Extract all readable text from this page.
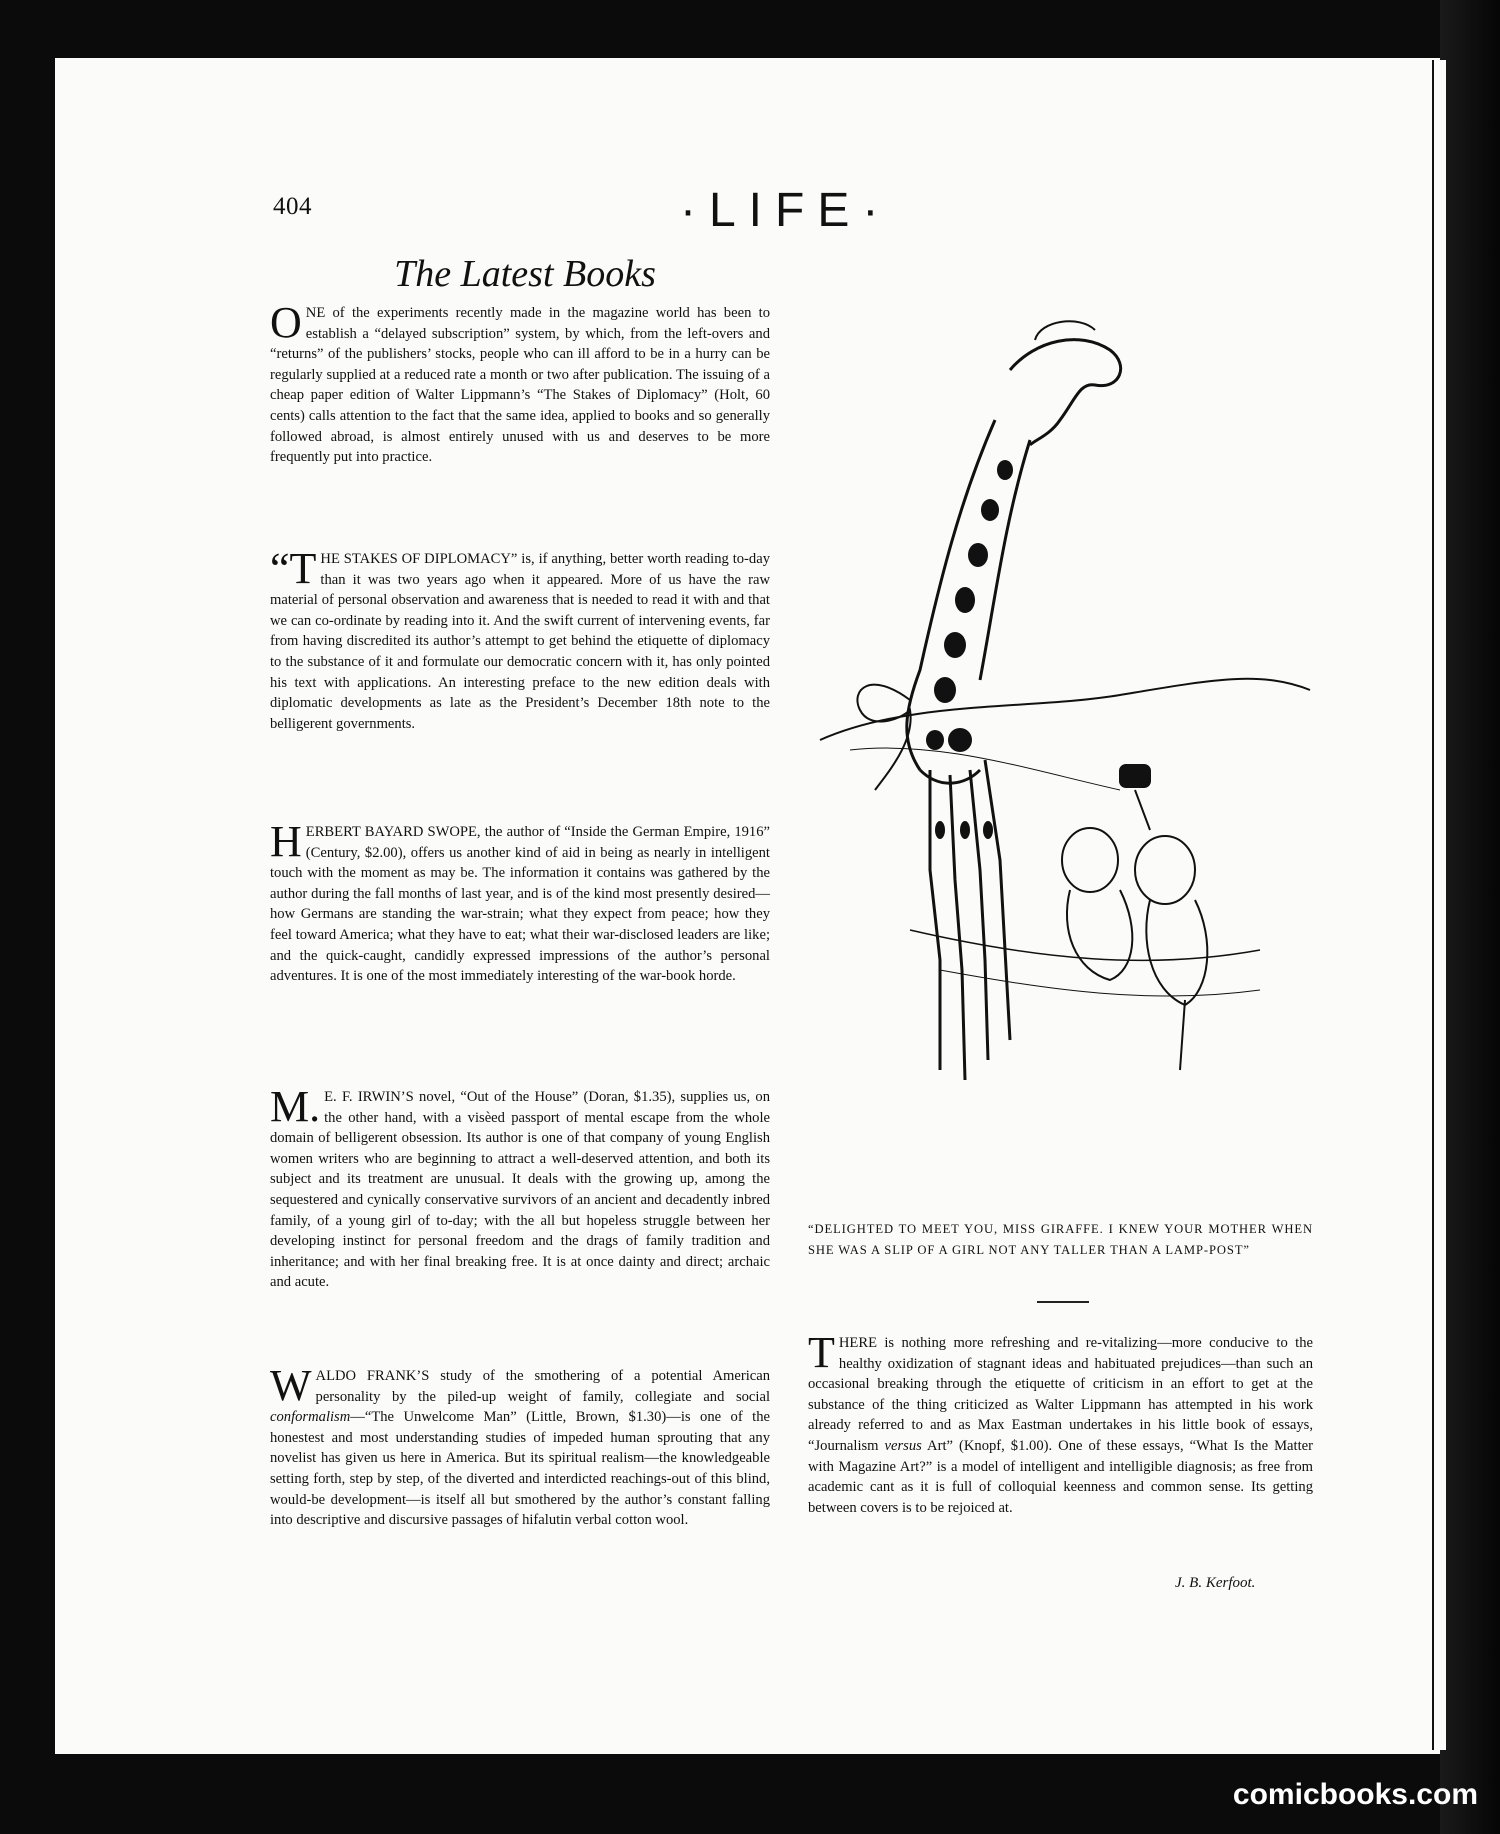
404	·LIFE·
The Latest Books

ONE of the experiments recently made in the magazine world has been to establish a “delayed subscription” system, by which, from the left-overs and “returns” of the publishers’ stocks, people who can ill afford to be in a hurry can be regularly supplied at a reduced rate a month or two after publication. The issuing of a cheap paper edition of Walter Lippmann’s “The Stakes of Diplomacy” (Holt, 60 cents) calls attention to the fact that the same idea, applied to books and so generally followed abroad, is almost entirely unused with us and deserves to be more frequently put into practice.

“THE STAKES OF DIPLOMACY” is, if anything, better worth reading to-day than it was two years ago when it appeared. More of us have the raw material of personal observation and awareness that is needed to read it with and that we can co-ordinate by reading into it. And the swift current of intervening events, far from having discredited its author’s attempt to get behind the etiquette of diplomacy to the substance of it and formulate our democratic concern with it, has only pointed his text with applications. An interesting preface to the new edition deals with diplomatic developments as late as the President’s December 18th note to the belligerent governments.

HERBERT BAYARD SWOPE, the author of “Inside the German Empire, 1916” (Century, $2.00), offers us another kind of aid in being as nearly in intelligent touch with the moment as may be. The information it contains was gathered by the author during the fall months of last year, and is of the kind most presently desired—how Germans are standing the war-strain; what they expect from peace; how they feel toward America; what they have to eat; what their war-disclosed leaders are like; and the quick-caught, candidly expressed impressions of the author’s personal adventures. It is one of the most immediately interesting of the war-book horde.

M. E. F. IRWIN’S novel, “Out of the House” (Doran, $1.35), supplies us, on the other hand, with a visèed passport of mental escape from the whole domain of belligerent obsession. Its author is one of that company of young English women writers who are beginning to attract a well-deserved attention, and both its subject and its treatment are unusual. It deals with the growing up, among the sequestered and cynically conservative survivors of an ancient and decadently inbred family, of a young girl of to-day; with the all but hopeless struggle between her developing instinct for personal freedom and the drags of family tradition and inheritance; and with her final breaking free. It is at once dainty and direct; archaic and acute.

WALDO FRANK’S study of the smothering of a potential American personality by the piled-up weight of family, collegiate and social conformalism—“The Unwelcome Man” (Little, Brown, $1.30)—is one of the honestest and most understanding studies of impeded human sprouting that any novelist has given us here in America. But its spiritual realism—the knowledgeable setting forth, step by step, of the diverted and interdicted reachings-out of this blind, would-be development—is itself all but smothered by the author’s constant falling into descriptive and discursive passages of hifalutin verbal cotton wool.

THERE is nothing more refreshing and re-vitalizing—more conducive to the healthy oxidization of stagnant ideas and habituated prejudices—than such an occasional breaking through the etiquette of criticism in an effort to get at the substance of the thing criticized as Walter Lippmann has attempted in his work already referred to and as Max Eastman undertakes in his little book of essays, “Journalism versus Art” (Knopf, $1.00). One of these essays, “What Is the Matter with Magazine Art?” is a model of intelligent and intelligible diagnosis; as free from academic cant as it is full of colloquial keenness and common sense. Its getting between covers is to be rejoiced at.

J. B. Kerfoot.
“DELIGHTED TO MEET YOU, MISS GIRAFFE. I KNEW YOUR MOTHER WHEN SHE WAS A SLIP OF A GIRL NOT ANY TALLER THAN A LAMP-POST”
comicbooks.com
